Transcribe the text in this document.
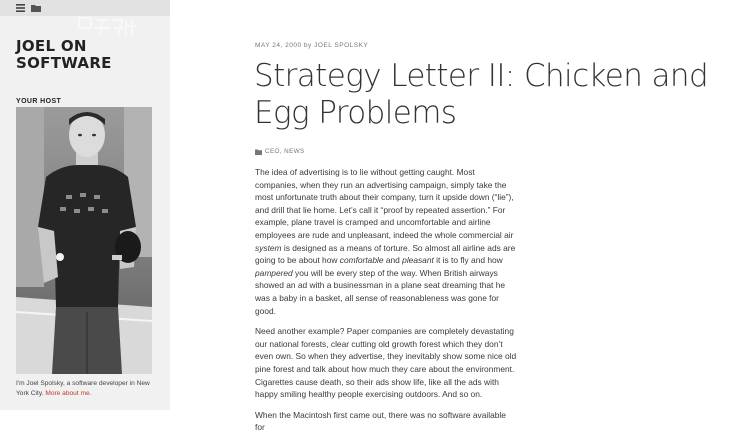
JOEL ON
SOFTWARE
YOUR HOST
I'm Joel Spolsky, a software developer in New York City. More about me.
MAY 24, 2000 by JOEL SPOLSKY
Strategy Letter II: Chicken and Egg Problems
CEO, NEWS

The idea of advertising is to lie without getting caught. Most companies, when they run an advertising campaign, simply take the most unfortunate truth about their company, turn it upside down (“lie”), and drill that lie home. Let’s call it “proof by repeated assertion.” For example, plane travel is cramped and uncomfortable and airline employees are rude and unpleasant, indeed the whole commercial air system is designed as a means of torture. So almost all airline ads are going to be about how comfortable and pleasant it is to fly and how pampered you will be every step of the way. When British airways showed an ad with a businessman in a plane seat dreaming that he was a baby in a basket, all sense of reasonableness was gone for good.

Need another example? Paper companies are completely devastating our national forests, clear cutting old growth forest which they don’t even own. So when they advertise, they inevitably show some nice old pine forest and talk about how much they care about the environment. Cigarettes cause death, so their ads show life, like all the ads with happy smiling healthy people exercising outdoors. And so on.

When the Macintosh first came out, there was no software available for
